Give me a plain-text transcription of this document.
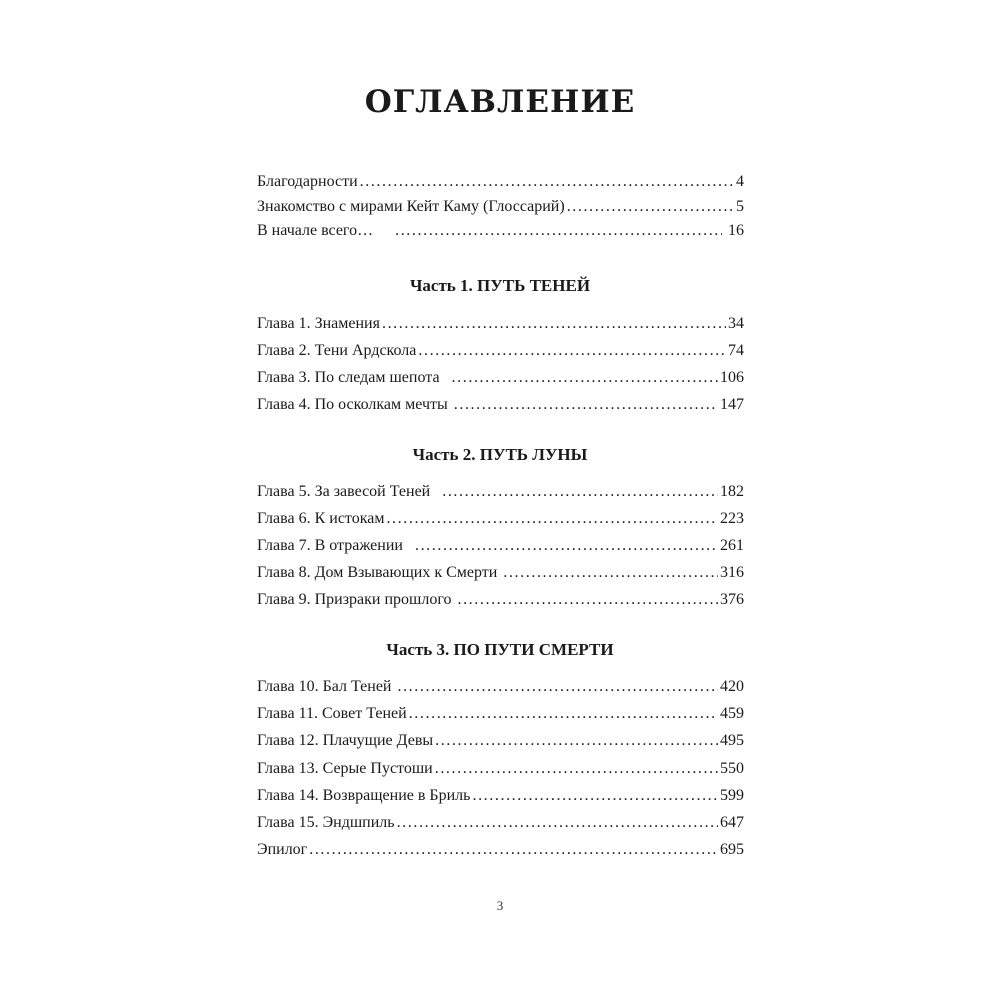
ОГЛАВЛЕНИЕ
Благодарности . . .	4
Знакомство с мирами Кейт Каму (Глоссарий) . . .	5
В начале всего… . . .	16
Глава 1. Знамения . . .	34
Глава 2. Тени Ардскола . . .	74
Глава 3. По следам шепота . . .	106
Глава 4. По осколкам мечты . . .	147
Глава 5. За завесой Теней . . .	182
Глава 6. К истокам . . .	223
Глава 7. В отражении . . .	261
Глава 8. Дом Взывающих к Смерти . . .	316
Глава 9. Призраки прошлого . . .	376
Глава 10. Бал Теней . . .	420
Глава 11. Совет Теней . . .	459
Глава 12. Плачущие Девы . . .	495
Глава 13. Серые Пустоши . . .	550
Глава 14. Возвращение в Бриль . . .	599
Глава 15. Эндшпиль . . .	647
Эпилог . . .	695
Часть 1. ПУТЬ ТЕНЕЙ
Часть 2. ПУТЬ ЛУНЫ
Часть 3. ПО ПУТИ СМЕРТИ
3
